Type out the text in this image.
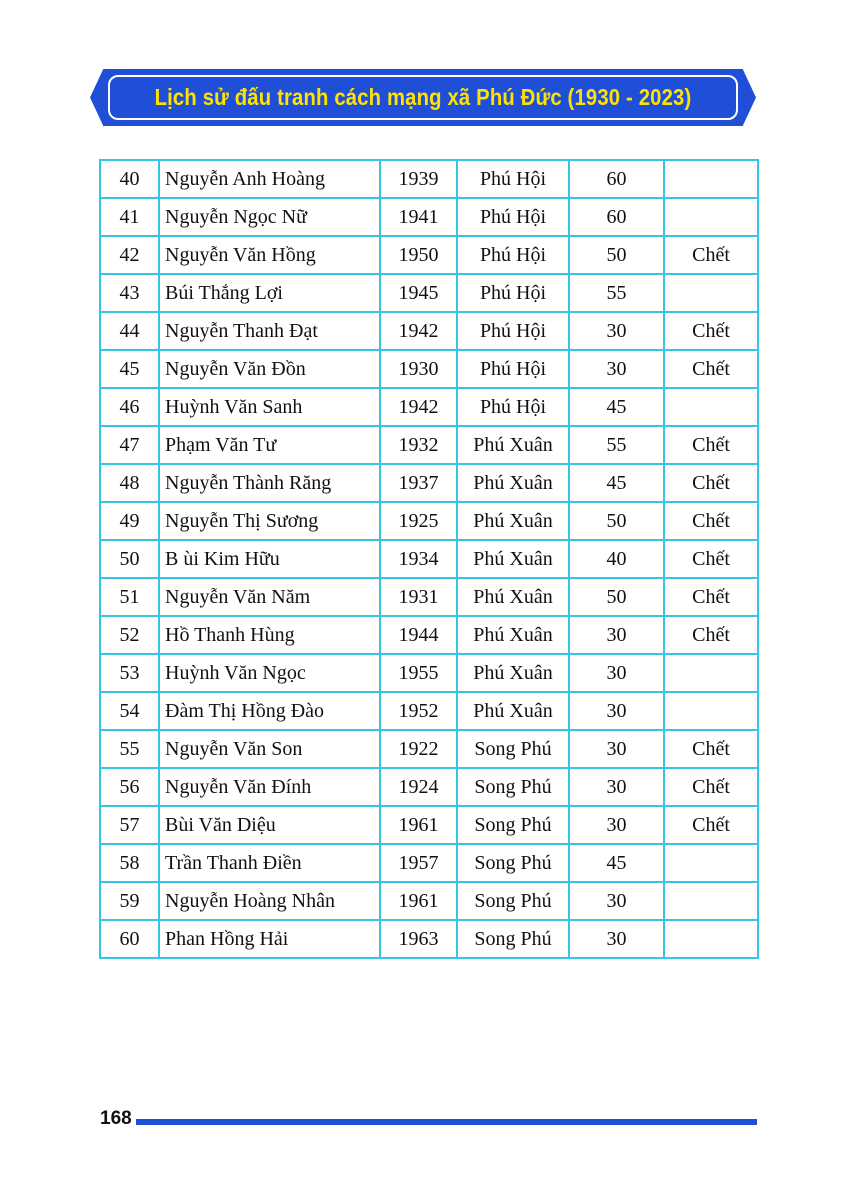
Lịch sử đấu tranh cách mạng xã Phú Đức (1930 - 2023)
40	Nguyễn Anh Hoàng	1939	Phú Hội	60	
41	Nguyễn Ngọc Nữ	1941	Phú Hội	60	
42	Nguyễn Văn Hồng	1950	Phú Hội	50	Chết
43	Búi Thắng Lợi	1945	Phú Hội	55	
44	Nguyễn Thanh Đạt	1942	Phú Hội	30	Chết
45	Nguyễn Văn Đồn	1930	Phú Hội	30	Chết
46	Huỳnh Văn Sanh	1942	Phú Hội	45	
47	Phạm Văn Tư	1932	Phú Xuân	55	Chết
48	Nguyễn Thành Răng	1937	Phú Xuân	45	Chết
49	Nguyễn Thị Sương	1925	Phú Xuân	50	Chết
50	B ùi Kim Hữu	1934	Phú Xuân	40	Chết
51	Nguyễn Văn Năm	1931	Phú Xuân	50	Chết
52	Hồ Thanh Hùng	1944	Phú Xuân	30	Chết
53	Huỳnh Văn Ngọc	1955	Phú Xuân	30	
54	Đàm Thị Hồng Đào	1952	Phú Xuân	30	
55	Nguyễn Văn Son	1922	Song Phú	30	Chết
56	Nguyễn Văn Đính	1924	Song Phú	30	Chết
57	Bùi Văn Diệu	1961	Song Phú	30	Chết
58	Trần Thanh Điền	1957	Song Phú	45	
59	Nguyễn Hoàng Nhân	1961	Song Phú	30	
60	Phan Hồng Hải	1963	Song Phú	30	
168
